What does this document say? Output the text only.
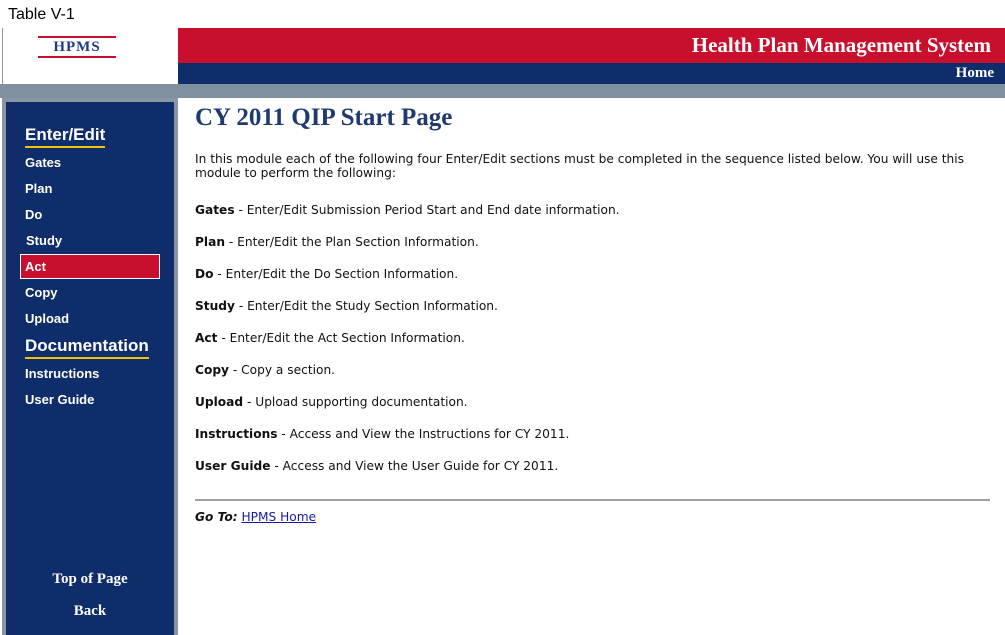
Table V-1
HPMS	Health Plan Management System
Home
Enter/Edit
Gates
Plan
Do
Study
Act
Copy
Upload
Documentation
Instructions
User Guide
Top of Page
Back
CY 2011 QIP Start Page
In this module each of the following four Enter/Edit sections must be completed in the sequence listed below. You will use this module to perform the following:
Gates - Enter/Edit Submission Period Start and End date information.
Plan - Enter/Edit the Plan Section Information.
Do - Enter/Edit the Do Section Information.
Study - Enter/Edit the Study Section Information.
Act - Enter/Edit the Act Section Information.
Copy - Copy a section.
Upload - Upload supporting documentation.
Instructions - Access and View the Instructions for CY 2011.
User Guide - Access and View the User Guide for CY 2011.
Go To: HPMS Home
